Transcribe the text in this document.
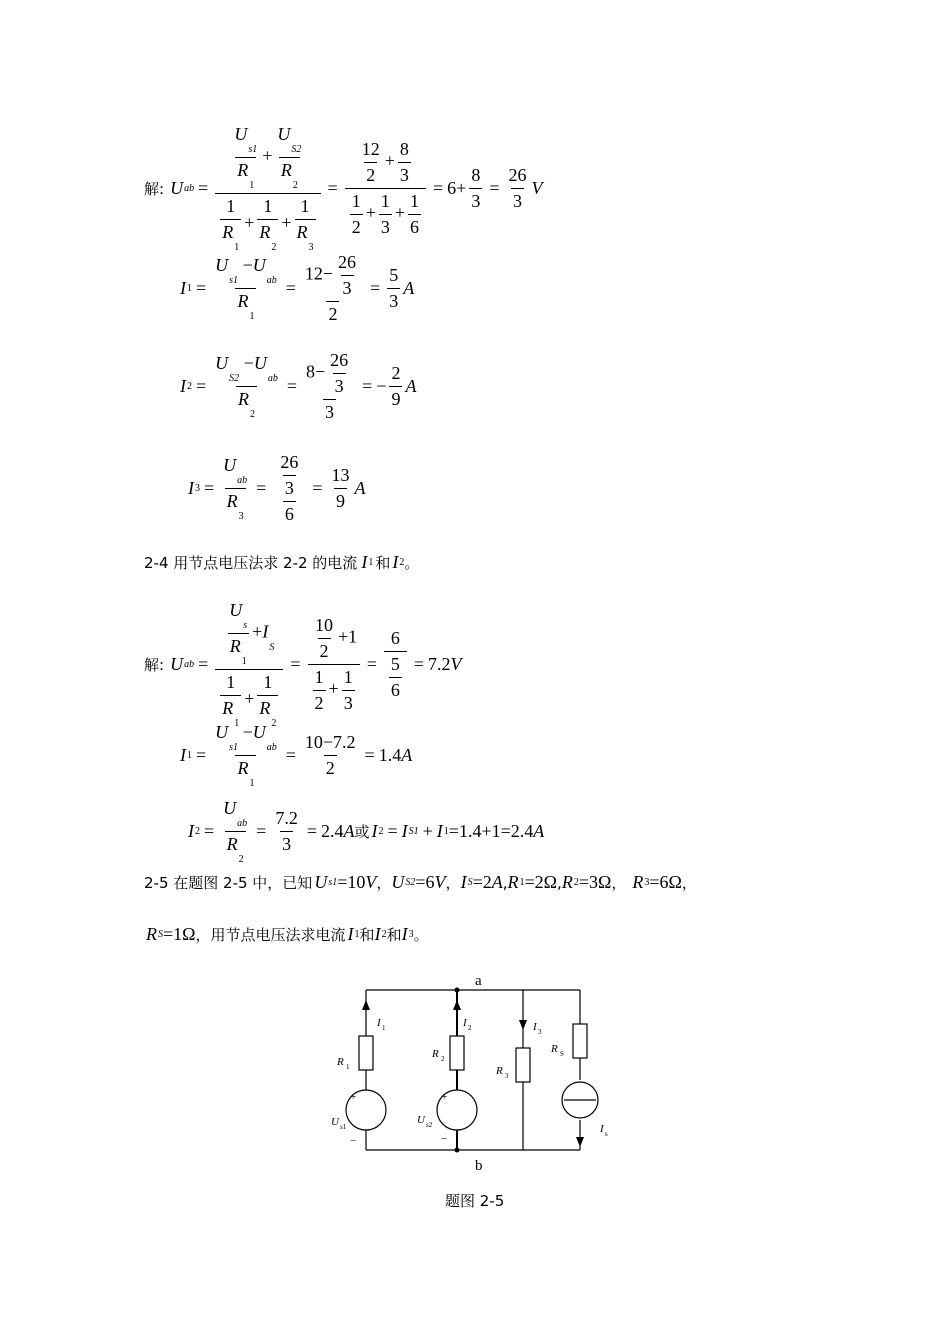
解: U ab = $\frac{\frac{U_{s1}}{R_1} + \frac{U_{S2}}{R_2}}{\frac{1}{R_1} + \frac{1}{R_2} + \frac{1}{R_3}} = \frac{\frac{12}{2} + \frac{8}{3}}{\frac{1}{2} + \frac{1}{3} + \frac{1}{6}} = 6+ \frac{8}{3} = \frac{26}{3}$ V
I $1 = \frac{U_{s1} -U_{ab}}{R_1} = \frac{12- \frac{26}{3}}{2} = \frac{5}{3}$ A
I $2 = \frac{U_{S2} -U_{ab}}{R_2} = \frac{8- \frac{26}{3}}{3}$ = − $\frac{2}{9}$ A
I $3 = \frac{U_{ab}}{R_3} = \frac{\frac{26}{3}}{6} = \frac{13}{9}$ A
2-4 用节点电压法求 2-2 的电流 I 1 和 I 2 。
解: U ab = $\frac{\frac{U_s}{R_1} +I_S}{\frac{1}{R_1} + \frac{1}{R_2}} = \frac{\frac{10}{2} +1}{\frac{1}{2} + \frac{1}{3}} = \frac{6}{\frac{5}{6}} = 7.2$ V
I $1 = \frac{U_{s1} -U_{ab}}{R_1} = \frac{10-7.2}{2} = 1.4$ A
I $2 = \frac{U_{ab}}{R_2} = \frac{7.2}{3} = 2.4$ A 或 I 2 = I S1 + I 1 =1.4+1=2.4 A
2-5 在题图 2-5 中，已知 U s1 =10 V ， U S2 =6 V ， I S =2 A , R 1 =2Ω , R 2 =3Ω ， R 3 =6Ω ，
R S =1Ω ，用节点电压法求电流 I 1 和 I 2 和 I 3 。
a
b
R 1
R 2
R 3
R S
I 1	I 2	I 3
U s1
U s2	I s
+
−
+
−
题图 2-5
